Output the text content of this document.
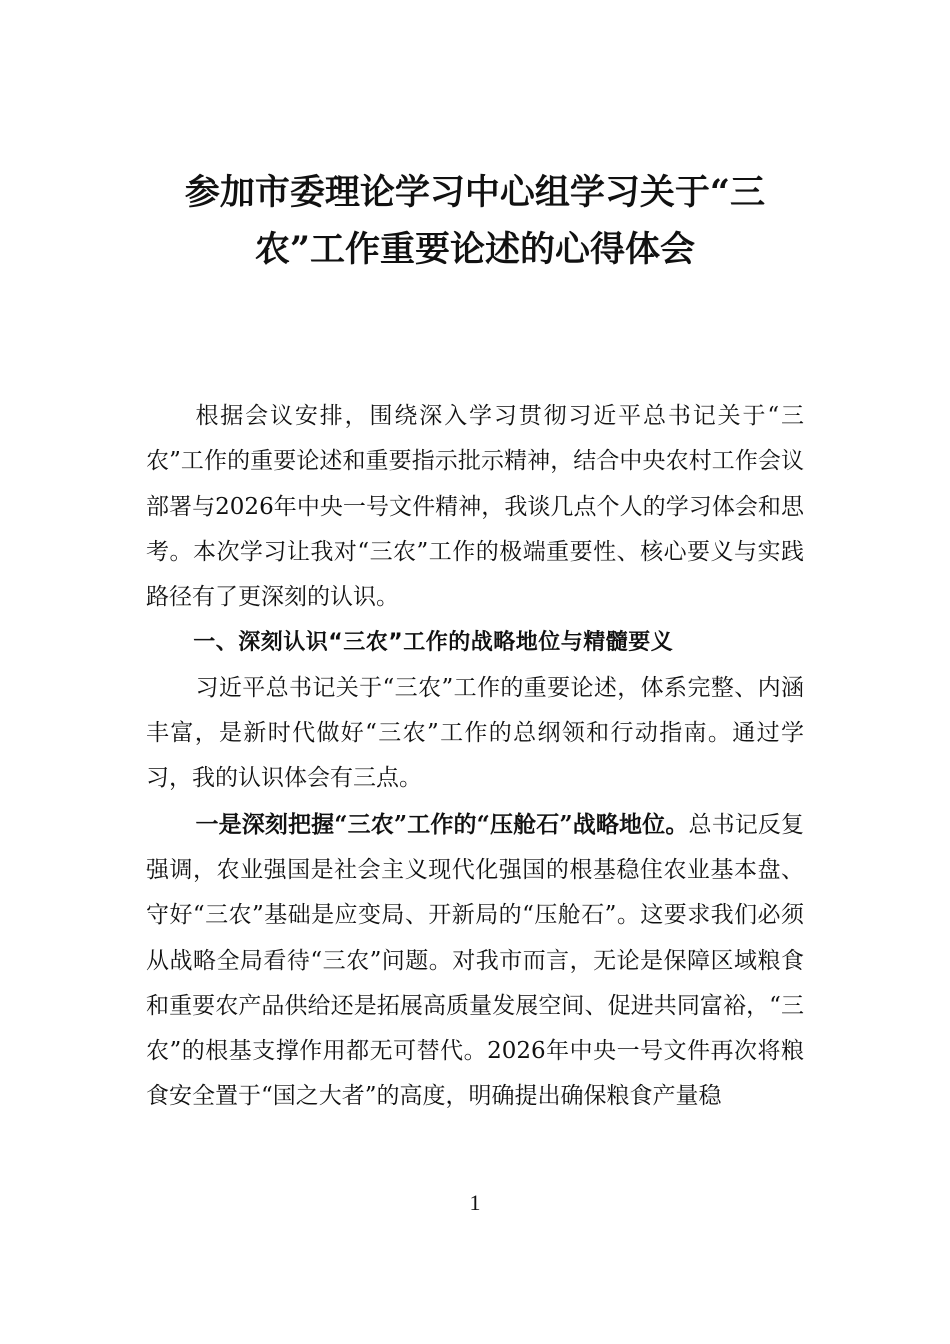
参加市委理论学习中心组学习关于“三农”工作重要论述的心得体会

根据会议安排，围绕深入学习贯彻习近平总书记关于“三农”工作的重要论述和重要指示批示精神，结合中央农村工作会议部署与2026年中央一号文件精神，我谈几点个人的学习体会和思考。本次学习让我对“三农”工作的极端重要性、核心要义与实践路径有了更深刻的认识。

一、深刻认识“三农”工作的战略地位与精髓要义

习近平总书记关于“三农”工作的重要论述，体系完整、内涵丰富，是新时代做好“三农”工作的总纲领和行动指南。通过学习，我的认识体会有三点。

一是深刻把握“三农”工作的“压舱石”战略地位。总书记反复强调，农业强国是社会主义现代化强国的根基稳住农业基本盘、守好“三农”基础是应变局、开新局的“压舱石”。这要求我们必须从战略全局看待“三农”问题。对我市而言，无论是保障区域粮食和重要农产品供给还是拓展高质量发展空间、促进共同富裕，“三农”的根基支撑作用都无可替代。2026年中央一号文件再次将粮食安全置于“国之大者”的高度，明确提出确保粮食产量稳

1
